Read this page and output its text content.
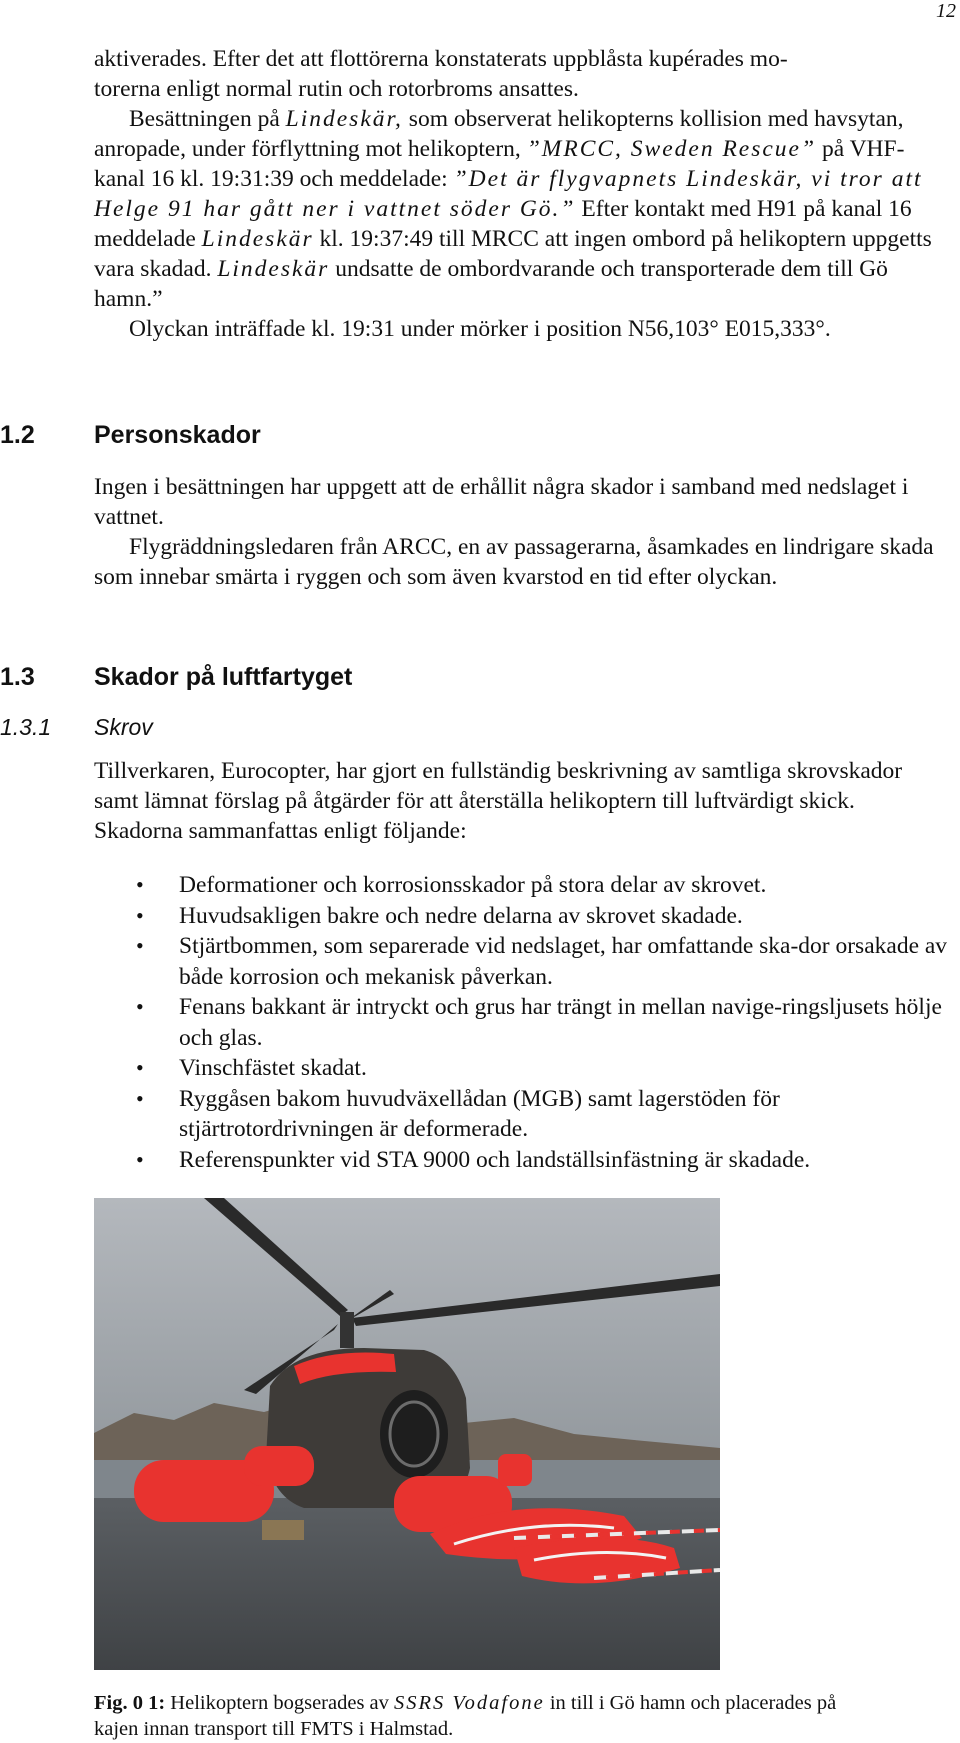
12

aktiverades. Efter det att flottörerna konstaterats uppblåsta kupérades mo-
torerna enligt normal rutin och rotorbroms ansattes.

Besättningen på Lindeskär, som observerat helikopterns kollision med havsytan, anropade, under förflyttning mot helikoptern, ”MRCC, Sweden Rescue” på VHF-kanal 16 kl. 19:31:39 och meddelade: ”Det är flygvapnets Lindeskär, vi tror att Helge 91 har gått ner i vattnet söder Gö.” Efter kontakt med H91 på kanal 16 meddelade Lindeskär kl. 19:37:49 till MRCC att ingen ombord på helikoptern uppgetts vara skadad. Lindeskär undsatte de ombordvarande och transporterade dem till Gö hamn.”

Olyckan inträffade kl. 19:31 under mörker i position N56,103° E015,333°.

1.2 Personskador

Ingen i besättningen har uppgett att de erhållit några skador i samband med nedslaget i vattnet.

Flygräddningsledaren från ARCC, en av passagerarna, åsamkades en lindrigare skada som innebar smärta i ryggen och som även kvarstod en tid efter olyckan.

1.3 Skador på luftfartyget
1.3.1 Skrov

Tillverkaren, Eurocopter, har gjort en fullständig beskrivning av samtliga skrovskador samt lämnat förslag på åtgärder för att återställa helikoptern till luftvärdigt skick. Skadorna sammanfattas enligt följande:

• Deformationer och korrosionsskador på stora delar av skrovet.
• Huvudsakligen bakre och nedre delarna av skrovet skadade.
• Stjärtbommen, som separerade vid nedslaget, har omfattande ska-dor orsakade av både korrosion och mekanisk påverkan.
• Fenans bakkant är intryckt och grus har trängt in mellan navige-ringsljusets hölje och glas.
• Vinschfästet skadat.
• Ryggåsen bakom huvudväxellådan (MGB) samt lagerstöden för stjärtrotordrivningen är deformerade.
• Referenspunkter vid STA 9000 och landställsinfästning är skadade.
Fig. 0 1: Helikoptern bogserades av SSRS Vodafone in till i Gö hamn och placerades på kajen innan transport till FMTS i Halmstad.
